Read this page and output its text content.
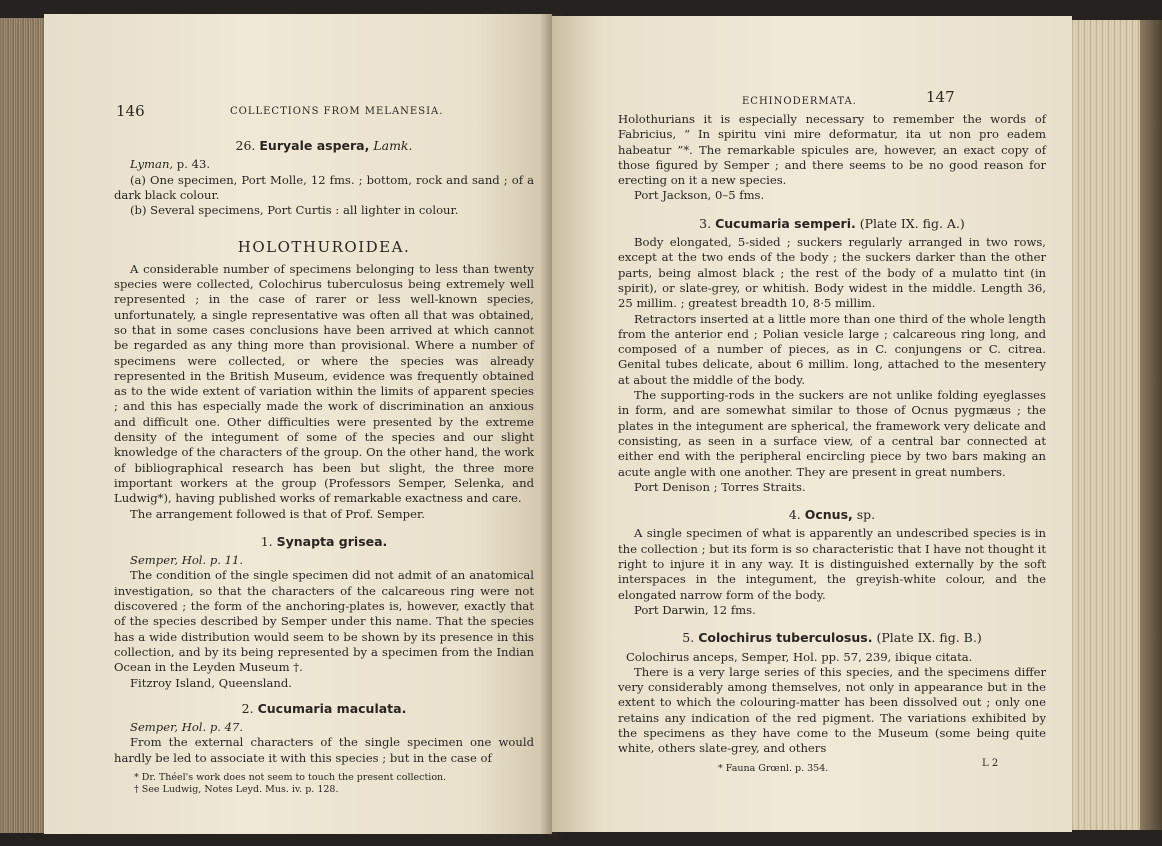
146	COLLECTIONS FROM MELANESIA.
26. Euryale aspera, Lamk.

Lyman, p. 43.

(a) One specimen, Port Molle, 12 fms. ; bottom, rock and sand ; of a dark black colour.

(b) Several specimens, Port Curtis : all lighter in colour.

HOLOTHUROIDEA.

A considerable number of specimens belonging to less than twenty species were collected, Colochirus tuberculosus being extremely well represented ; in the case of rarer or less well-known species, unfortunately, a single representative was often all that was obtained, so that in some cases conclusions have been arrived at which cannot be regarded as any thing more than provisional. Where a number of specimens were collected, or where the species was already represented in the British Museum, evidence was frequently obtained as to the wide extent of variation within the limits of apparent species ; and this has especially made the work of discrimination an anxious and difficult one. Other difficulties were presented by the extreme density of the integument of some of the species and our slight knowledge of the characters of the group. On the other hand, the work of bibliographical research has been but slight, the three more important workers at the group (Professors Semper, Selenka, and Ludwig*), having published works of remarkable exactness and care.

The arrangement followed is that of Prof. Semper.

1. Synapta grisea.

Semper, Hol. p. 11.

The condition of the single specimen did not admit of an anatomical investigation, so that the characters of the calcareous ring were not discovered ; the form of the anchoring-plates is, however, exactly that of the species described by Semper under this name. That the species has a wide distribution would seem to be shown by its presence in this collection, and by its being represented by a specimen from the Indian Ocean in the Leyden Museum †.

Fitzroy Island, Queensland.

2. Cucumaria maculata.

Semper, Hol. p. 47.

From the external characters of the single specimen one would hardly be led to associate it with this species ; but in the case of

* Dr. Théel's work does not seem to touch the present collection.

† See Ludwig, Notes Leyd. Mus. iv. p. 128.

ECHINODERMATA.	147

Holothurians it is especially necessary to remember the words of Fabricius, “ In spiritu vini mire deformatur, ita ut non pro eadem habeatur ”*. The remarkable spicules are, however, an exact copy of those figured by Semper ; and there seems to be no good reason for erecting on it a new species.

Port Jackson, 0–5 fms.

3. Cucumaria semperi. (Plate IX. fig. A.)

Body elongated, 5-sided ; suckers regularly arranged in two rows, except at the two ends of the body ; the suckers darker than the other parts, being almost black ; the rest of the body of a mulatto tint (in spirit), or slate-grey, or whitish. Body widest in the middle. Length 36, 25 millim. ; greatest breadth 10, 8·5 millim.

Retractors inserted at a little more than one third of the whole length from the anterior end ; Polian vesicle large ; calcareous ring long, and composed of a number of pieces, as in C. conjungens or C. citrea. Genital tubes delicate, about 6 millim. long, attached to the mesentery at about the middle of the body.

The supporting-rods in the suckers are not unlike folding eyeglasses in form, and are somewhat similar to those of Ocnus pygmæus ; the plates in the integument are spherical, the framework very delicate and consisting, as seen in a surface view, of a central bar connected at either end with the peripheral encircling piece by two bars making an acute angle with one another. They are present in great numbers.

Port Denison ; Torres Straits.

4. Ocnus, sp.

A single specimen of what is apparently an undescribed species is in the collection ; but its form is so characteristic that I have not thought it right to injure it in any way. It is distinguished externally by the soft interspaces in the integument, the greyish-white colour, and the elongated narrow form of the body.

Port Darwin, 12 fms.

5. Colochirus tuberculosus. (Plate IX. fig. B.)

Colochirus anceps, Semper, Hol. pp. 57, 239, ibique citata.

There is a very large series of this species, and the specimens differ very considerably among themselves, not only in appearance but in the extent to which the colouring-matter has been dissolved out ; only one retains any indication of the red pigment. The variations exhibited by the specimens as they have come to the Museum (some being quite white, others slate-grey, and others

* Fauna Grœnl. p. 354.	L 2
